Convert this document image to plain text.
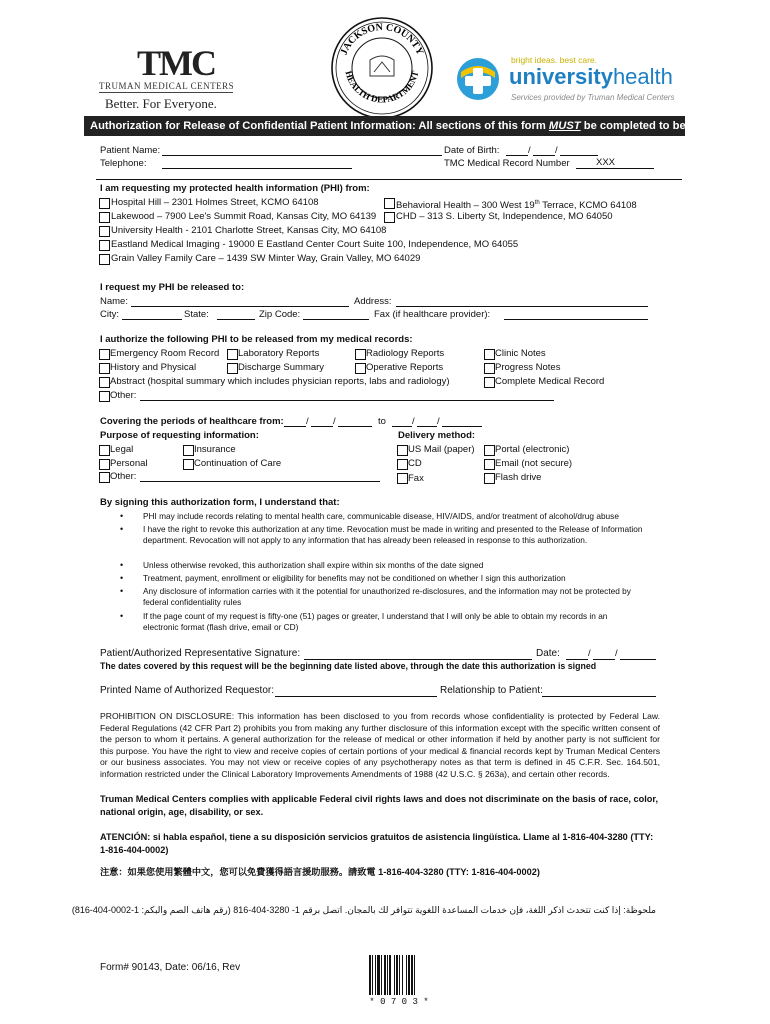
TMC
TRUMAN MEDICAL CENTERS
Better. For Everyone.
JACKSON COUNTY
HEALTH DEPARTMENT
bright ideas. best care.
universityhealth
Services provided by Truman Medical Centers
Authorization for Release of Confidential Patient Information: All sections of this form MUST be completed to be valid
Patient Name:	Date of Birth:	/	/
Telephone:	TMC Medical Record Number	XXX
I am requesting my protected health information (PHI) from:
Hospital Hill – 2301 Holmes Street, KCMO 64108
Lakewood – 7900 Lee's Summit Road, Kansas City, MO 64139
University Health - 2101 Charlotte Street, Kansas City, MO 64108
Eastland Medical Imaging - 19000 E Eastland Center Court Suite 100, Independence, MO 64055
Grain Valley Family Care – 1439 SW Minter Way, Grain Valley, MO 64029
Behavioral Health – 300 West 19th Terrace, KCMO 64108
CHD – 313 S. Liberty St, Independence, MO 64050
I request my PHI be released to:
Name:	Address:
City:	State:	Zip Code:	Fax (if healthcare provider):
I authorize the following PHI to be released from my medical records:
Emergency Room Record Laboratory Reports	Radiology Reports	Clinic Notes
History and Physical	Discharge Summary	Operative Reports	Progress Notes
Abstract (hospital summary which includes physician reports, labs and radiology)	Complete Medical Record
Other:
Covering the periods of healthcare from: /	/	to	/ /
Purpose of requesting information:
Legal	Insurance
Personal	Continuation of Care
Other:
Delivery method:
US Mail (paper) Portal (electronic)
CD	Email (not secure)
Fax	Flash drive
By signing this authorization form, I understand that:
• PHI may include records relating to mental health care, communicable disease, HIV/AIDS, and/or treatment of alcohol/drug abuse
• I have the right to revoke this authorization at any time. Revocation must be made in writing and presented to the Release of Information department. Revocation will not apply to any information that has already been released in response to this authorization.
• Unless otherwise revoked, this authorization shall expire within six months of the date signed
• Treatment, payment, enrollment or eligibility for benefits may not be conditioned on whether I sign this authorization
• Any disclosure of information carries with it the potential for unauthorized re-disclosures, and the information may not be protected by federal confidentiality rules
• If the page count of my request is fifty-one (51) pages or greater, I understand that I will only be able to obtain my records in an electronic format (flash drive, email or CD)
Patient/Authorized Representative Signature:	Date:	/	/
The dates covered by this request will be the beginning date listed above, through the date this authorization is signed
Printed Name of Authorized Requestor:	Relationship to Patient:
PROHIBITION ON DISCLOSURE: This information has been disclosed to you from records whose confidentiality is protected by Federal Law. Federal Regulations (42 CFR Part 2) prohibits you from making any further disclosure of this information except with the specific written consent of the person to whom it pertains. A general authorization for the release of medical or other information if held by another party is not sufficient for this purpose. You have the right to view and receive copies of certain portions of your medical & financial records kept by Truman Medical Centers or our business associates. You may not view or receive copies of any psychotherapy notes as that term is defined in 45 C.F.R. Sec. 164.501, information restricted under the Clinical Laboratory Improvements Amendments of 1988 (42 U.S.C. § 263a), and certain other records.
Truman Medical Centers complies with applicable Federal civil rights laws and does not discriminate on the basis of race, color, national origin, age, disability, or sex.
ATENCIÓN: si habla español, tiene a su disposición servicios gratuitos de asistencia lingüística. Llame al 1-816-404-3280 (TTY: 1-816-404-0002)
注意：如果您使用繁體中文，您可以免費獲得語言援助服務。請致電 1-816-404-3280 (TTY: 1-816-404-0002)
ملحوظة: إذا كنت تتحدث اذكر اللغة، فإن خدمات المساعدة اللغوية تتوافر لك بالمجان. اتصل برقم 1- 3280-404-816 (رقم هاتف الصم والبكم: 1-0002-404-816)
Form# 90143, Date: 06/16, Rev
* 0 7 0 3 *
